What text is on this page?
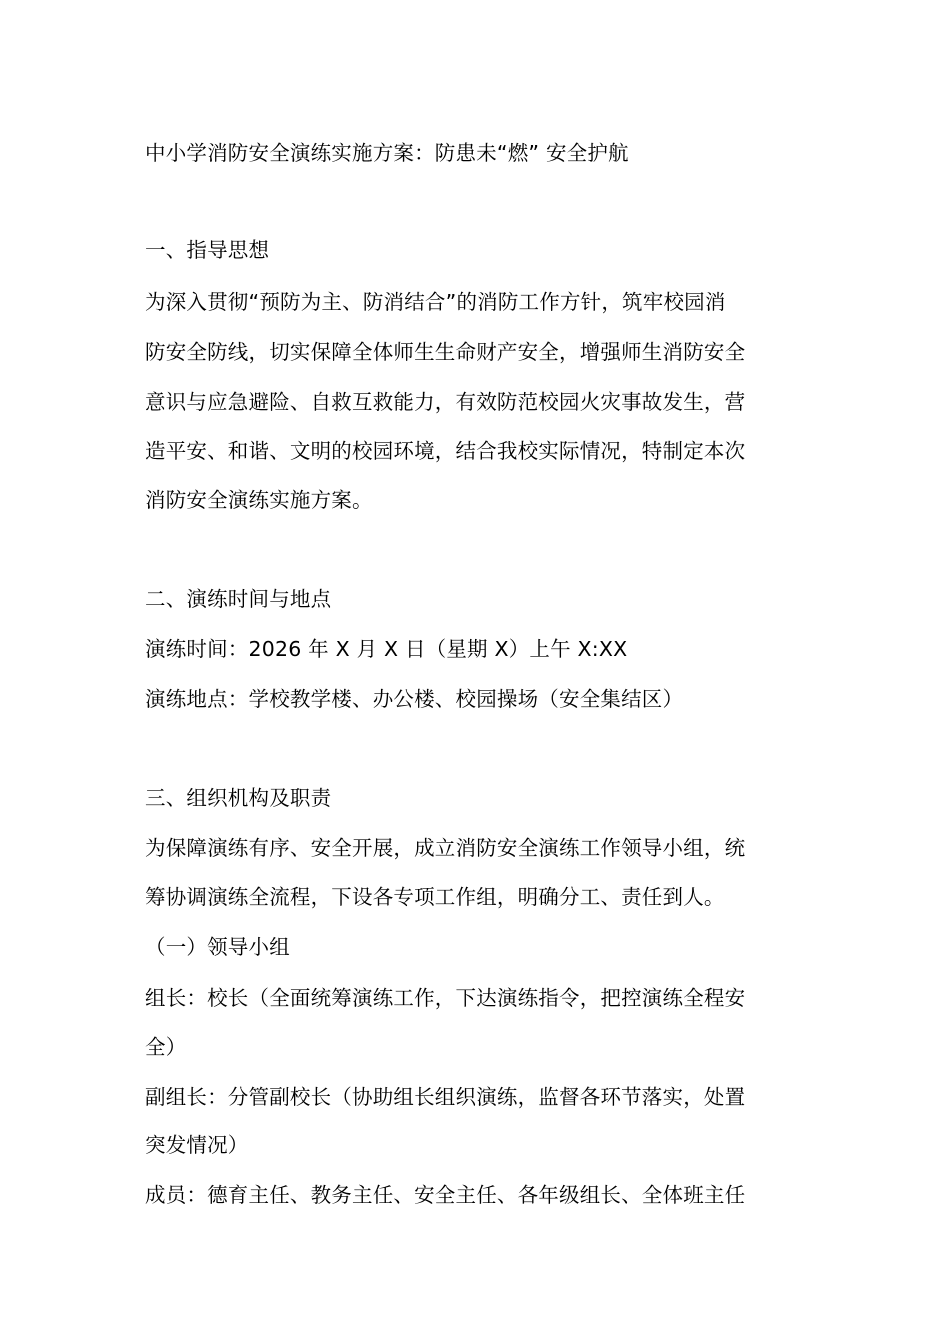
中小学消防安全演练实施方案：防患未“燃” 安全护航
一、指导思想
为深入贯彻“预防为主、防消结合”的消防工作方针，筑牢校园消
防安全防线，切实保障全体师生生命财产安全，增强师生消防安全
意识与应急避险、自救互救能力，有效防范校园火灾事故发生，营
造平安、和谐、文明的校园环境，结合我校实际情况，特制定本次
消防安全演练实施方案。
二、演练时间与地点
演练时间：2026 年 X 月 X 日（星期 X）上午 X:XX
演练地点：学校教学楼、办公楼、校园操场（安全集结区）
三、组织机构及职责
为保障演练有序、安全开展，成立消防安全演练工作领导小组，统
筹协调演练全流程，下设各专项工作组，明确分工、责任到人。
（一）领导小组
组长：校长（全面统筹演练工作，下达演练指令，把控演练全程安
全）
副组长：分管副校长（协助组长组织演练，监督各环节落实，处置
突发情况）
成员：德育主任、教务主任、安全主任、各年级组长、全体班主任
